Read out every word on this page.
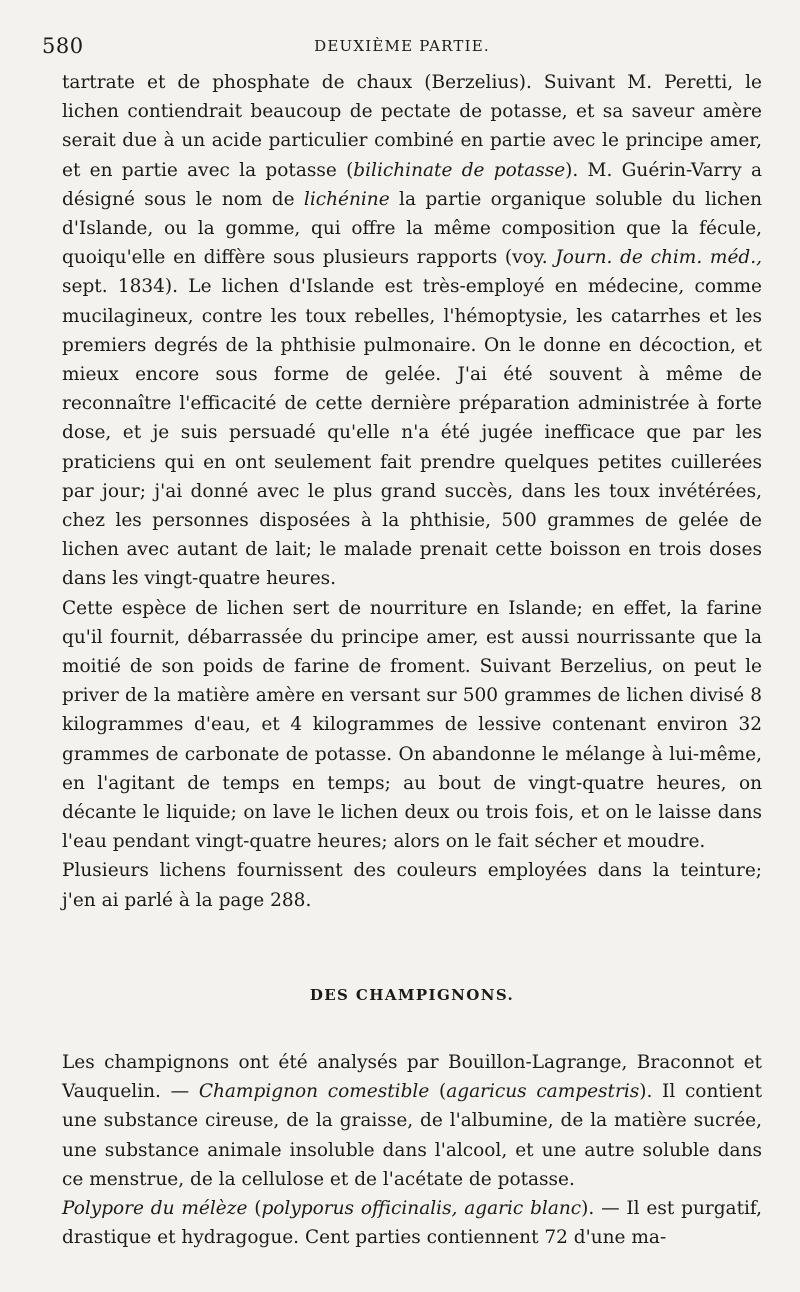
580	DEUXIÈME PARTIE.

tartrate et de phosphate de chaux (Berzelius). Suivant M. Peretti, le lichen contiendrait beaucoup de pectate de potasse, et sa saveur amère serait due à un acide particulier combiné en partie avec le principe amer, et en partie avec la potasse (bilichinate de potasse). M. Guérin-Varry a désigné sous le nom de lichénine la partie organique soluble du lichen d'Islande, ou la gomme, qui offre la même composition que la fécule, quoiqu'elle en diffère sous plusieurs rapports (voy. Journ. de chim. méd., sept. 1834). Le lichen d'Islande est très-employé en médecine, comme mucilagineux, contre les toux rebelles, l'hémoptysie, les catarrhes et les premiers degrés de la phthisie pulmonaire. On le donne en décoction, et mieux encore sous forme de gelée. J'ai été souvent à même de reconnaître l'efficacité de cette dernière préparation administrée à forte dose, et je suis persuadé qu'elle n'a été jugée inefficace que par les praticiens qui en ont seulement fait prendre quelques petites cuillerées par jour; j'ai donné avec le plus grand succès, dans les toux invétérées, chez les personnes disposées à la phthisie, 500 grammes de gelée de lichen avec autant de lait; le malade prenait cette boisson en trois doses dans les vingt-quatre heures.

Cette espèce de lichen sert de nourriture en Islande; en effet, la farine qu'il fournit, débarrassée du principe amer, est aussi nourrissante que la moitié de son poids de farine de froment. Suivant Berzelius, on peut le priver de la matière amère en versant sur 500 grammes de lichen divisé 8 kilogrammes d'eau, et 4 kilogrammes de lessive contenant environ 32 grammes de carbonate de potasse. On abandonne le mélange à lui-même, en l'agitant de temps en temps; au bout de vingt-quatre heures, on décante le liquide; on lave le lichen deux ou trois fois, et on le laisse dans l'eau pendant vingt-quatre heures; alors on le fait sécher et moudre.

Plusieurs lichens fournissent des couleurs employées dans la teinture; j'en ai parlé à la page 288.

DES CHAMPIGNONS.

Les champignons ont été analysés par Bouillon-Lagrange, Braconnot et Vauquelin. — Champignon comestible (agaricus campestris). Il contient une substance cireuse, de la graisse, de l'albumine, de la matière sucrée, une substance animale insoluble dans l'alcool, et une autre soluble dans ce menstrue, de la cellulose et de l'acétate de potasse.

Polypore du mélèze (polyporus officinalis, agaric blanc). — Il est purgatif, drastique et hydragogue. Cent parties contiennent 72 d'une ma-
